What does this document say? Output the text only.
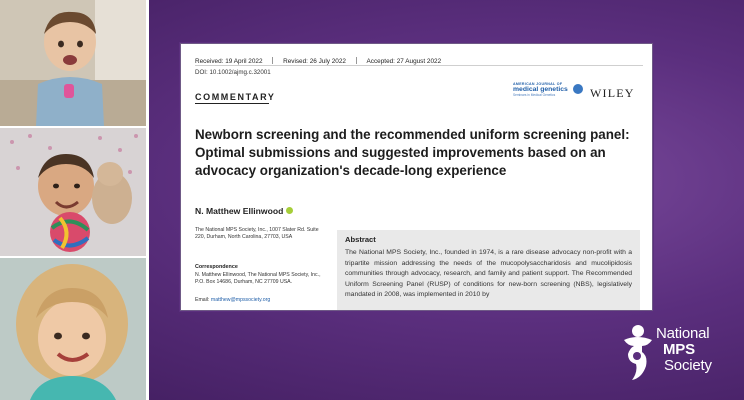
Received: 19 April 2022	Revised: 26 July 2022	Accepted: 27 August 2022
DOI: 10.1002/ajmg.c.32001
COMMENTARY
AMERICAN JOURNAL OF
medical genetics
Seminars in Medical Genetics	WILEY
Newborn screening and the recommended uniform screening panel: Optimal submissions and suggested improvements based on an advocacy organization's decade-long experience
N. Matthew Ellinwood
The National MPS Society, Inc., 1007 Slater Rd. Suite 220, Durham, North Carolina, 27703, USA
Correspondence
N. Matthew Ellinwood, The National MPS Society, Inc., P.O. Box 14686, Durham, NC 27709 USA.
Email: matthew@mpssociety.org
Abstract
The National MPS Society, Inc., founded in 1974, is a rare disease advocacy non-profit with a tripartite mission addressing the needs of the mucopolysaccharidosis and mucolipidosis communities through advocacy, research, and family and patient support. The Recommended Uniform Screening Panel (RUSP) of conditions for new-born screening (NBS), legislatively mandated in 2008, was implemented in 2010 by
National
MPS
Society
